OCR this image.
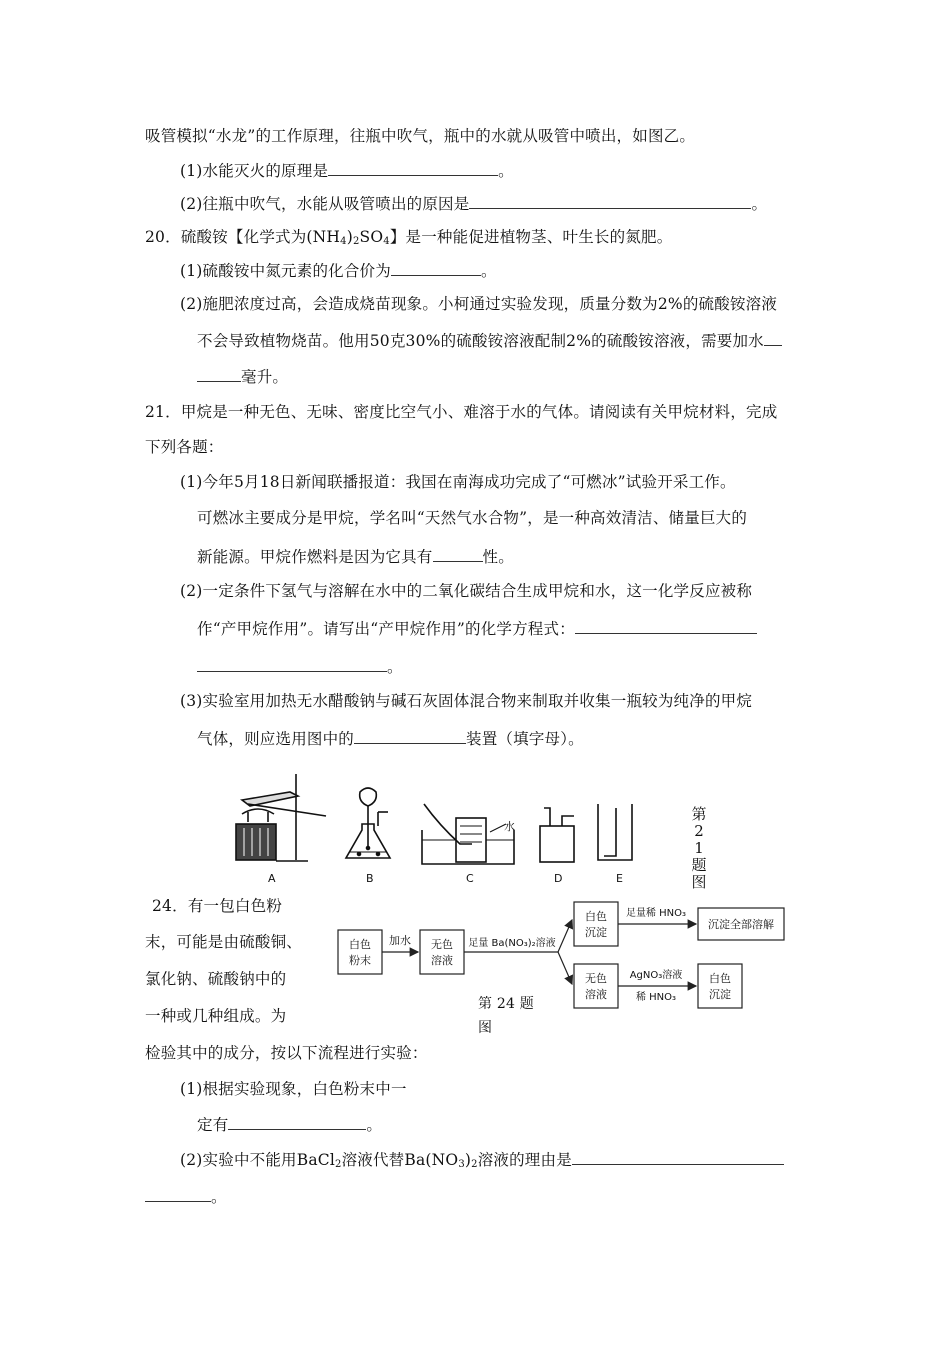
吸管模拟“水龙”的工作原理，往瓶中吹气，瓶中的水就从吸管中喷出，如图乙。
(1)水能灭火的原理是	。
(2)往瓶中吹气，水能从吸管喷出的原因是	。
20．硫酸铵【化学式为$(NH_4)_2SO_4$】是一种能促进植物茎、叶生长的氮肥。
(1)硫酸铵中氮元素的化合价为	。
(2)施肥浓度过高，会造成烧苗现象。小柯通过实验发现，质量分数为2%的硫酸铵溶液
不会导致植物烧苗。他用50克30%的硫酸铵溶液配制2%的硫酸铵溶液，需要加水
毫升。
21．甲烷是一种无色、无味、密度比空气小、难溶于水的气体。请阅读有关甲烷材料，完成
下列各题：
(1)今年5月18日新闻联播报道：我国在南海成功完成了“可燃冰”试验开采工作。
可燃冰主要成分是甲烷，学名叫“天然气水合物”，是一种高效清洁、储量巨大的
新能源。甲烷作燃料是因为它具有	性。
(2)一定条件下氢气与溶解在水中的二氧化碳结合生成甲烷和水，这一化学反应被称
作“产甲烷作用”。请写出“产甲烷作用”的化学方程式：
。
(3)实验室用加热无水醋酸钠与碱石灰固体混合物来制取并收集一瓶较为纯净的甲烷
气体，则应选用图中的	装置（填字母）。
水
A	B	C	D	E
第21题图
24．有一包白色粉
末，可能是由硫酸铜、
氯化钠、硫酸钠中的
一种或几种组成。为
检验其中的成分，按以下流程进行实验：
白色
粉末
加水 无色
溶液
足量 Ba(NO₃)₂溶液
白色
沉淀
足量稀 HNO₃
沉淀全部溶解
无色
溶液
AgNO₃溶液
稀 HNO₃
白色
沉淀
第 24 题
图
(1)根据实验现象，白色粉末中一
定有	。
(2)实验中不能用BaCl$_2$溶液代替$Ba(NO_3)_2$溶液的理由是
。
